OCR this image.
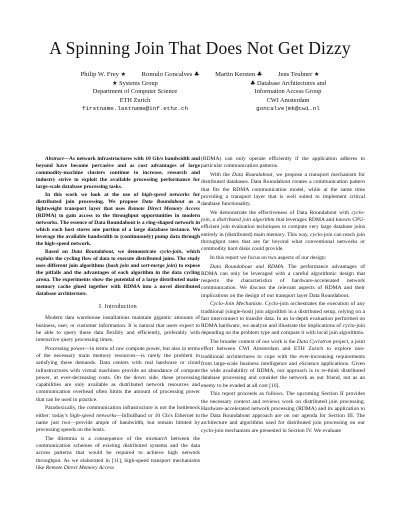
A Spinning Join That Does Not Get Dizzy
Philip W. Frey ★ Romulo Goncalves ♣ Martin Kersten ♣ Jens Teubner ★
★ Systems Group
Department of Computer Science
ETH Zurich
firstname.lastname@inf.ethz.ch
♣ Database Architectures and
Information Access Group
CWI Amsterdam
goncalve|mk@cwi.nl

Abstract—As network infrastructures with 10 Gb/s bandwidth and beyond have become pervasive and as cost advantages of large commodity-machine clusters continue to increase, research and industry strive to exploit the available processing performance for large-scale database processing tasks.

In this work we look at the use of high-speed networks for distributed join processing. We propose Data Roundabout as a lightweight transport layer that uses Remote Direct Memory Access (RDMA) to gain access to the throughput opportunities in modern networks. The essence of Data Roundabout is a ring-shaped network in which each host stores one portion of a large database instance. We leverage the available bandwidth to (continuously) pump data through the high-speed network.

Based on Data Roundabout, we demonstrate cyclo-join, which exploits the cycling flow of data to execute distributed joins. The study uses different join algorithms (hash join and sort-merge join) to expose the pitfalls and the advantages of each algorithm in the data cycling arena. The experiments show the potential of a large distributed main-memory cache glued together with RDMA into a novel distributed database architecture.

I. Introduction

Modern data warehouse installations maintain gigantic amounts of business, user, or customer information. It is natural that users expect to be able to query these data flexibly and efficiently, preferably with interactive query processing times.

Processing power—in terms of raw compute power, but also in terms of the necessary main memory resources—is rarely the problem in satisfying these demands. Data centers with real hardware or cloud infrastructures with virtual machines provide an abundance of compute power, at ever-decreasing costs. On the down side, these processing capabilities are only available as distributed network resources and communication overhead often limits the amount of processing power that can be used in practice.

Paradoxically, the communication infrastructure is not the bottleneck either: today's high-speed networks—InfiniBand or 10 Gb/s Ethernet to name just two—provide ample of bandwidth, but remain limited by processing speeds on the hosts.

The dilemma is a consequence of the mismatch between the communication schemes of existing distributed systems and the data access patterns that would be required to achieve high network throughput. As we elaborated in [11], high-speed transport mechanisms like Remote Direct Memory Access

(RDMA) can only operate efficiently if the application adheres to particular communication patterns.

With the Data Roundabout, we propose a transport mechanism for distributed databases. Data Roundabout creates a communication pattern that fits the RDMA communication model, while at the same time providing a transport layer that is well suited to implement critical database functionality.

We demonstrate the effectiveness of Data Roundabout with cyclo-join, a distributed join algorithm that leverages RDMA and known CPU-efficient join evaluation techniques to compute very large database joins entirely in (distributed) main memory. This way, cyclo-join can reach join throughput rates that are far beyond what conventional networks or commodity hard disks could provide.

In this report we focus on two aspects of our design:

Data Roundabout and RDMA. The performance advantages of RDMA can only be leveraged with a careful algorithmic design that respects the characteristics of hardware-accelerated network communication. We discuss the relevant aspects of RDMA and their implications on the design of our transport layer Data Roundabout.

Cyclo-Join Mechanism. Cyclo-join orchestrates the execution of any traditional (single-host) join algorithm in a distributed setup, relying on a fast interconnect to transfer data. In an in-depth evaluation performed on RDMA hardware, we analyze and illustrate the implications of cyclo-join depending on the problem type and compare it with local join algorithms.

The broader context of our work is the Data Cyclotron project, a joint effort between CWI Amsterdam and ETH Zurich to explore non-traditional architectures to cope with the ever-increasing requirements from large-scale business intelligence and eScience applications. Given the wide availability of RDMA, our approach is to re-think distributed database processing and consider the network as our friend, not as an enemy to be evaded at all cost [16].

This report proceeds as follows. The upcoming Section II provides the necessary context and reviews work on distributed join processing. Hardware-accelerated network processing (RDMA) and its application to the Data Roundabout approach are on our agenda for Section III. The architecture and algorithms used for distributed join processing on our cyclo-join mechanism are presented in Section IV. We evaluate
